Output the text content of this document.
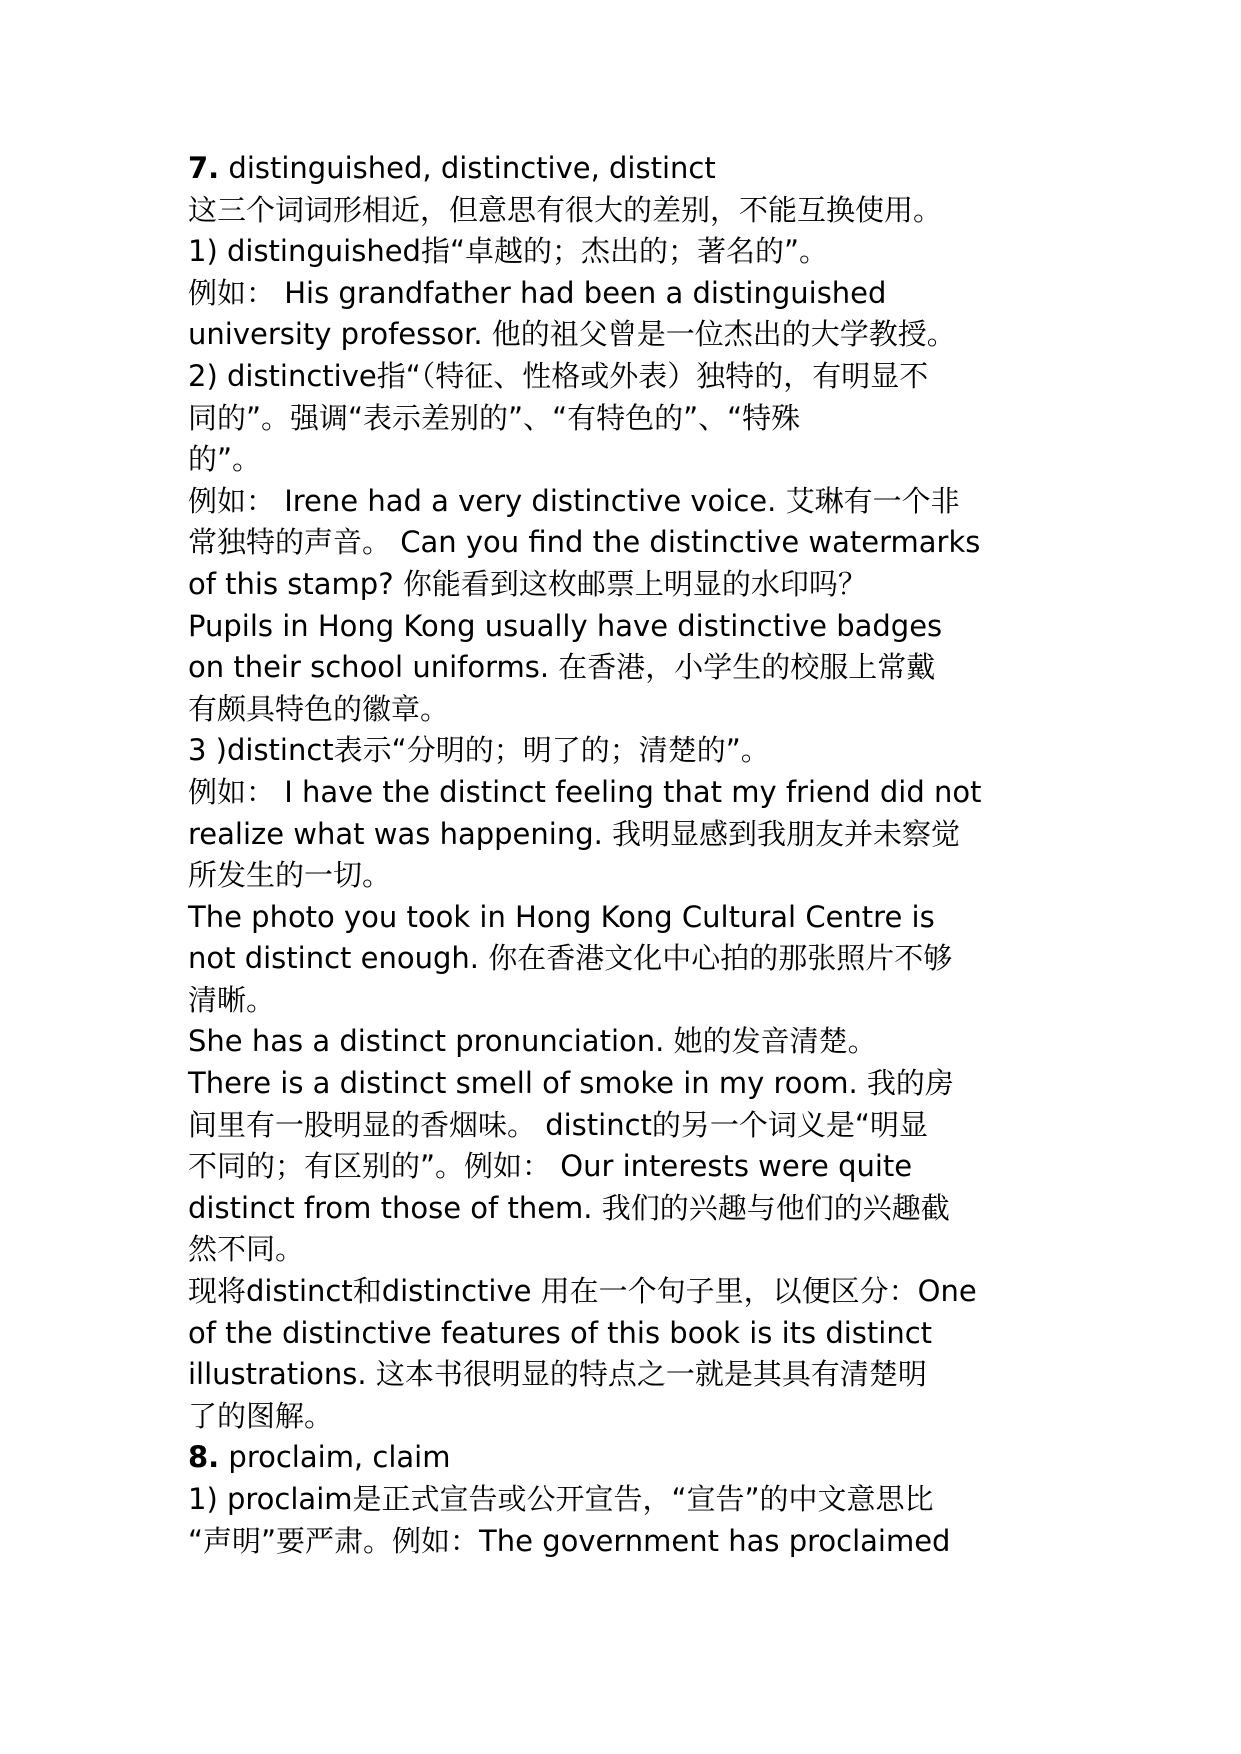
7. distinguished, distinctive, distinct

这三个词词形相近，但意思有很大的差别，不能互换使用。

1) distinguished指“卓越的；杰出的；著名的”。

例如： His grandfather had been a distinguished

university professor. 他的祖父曾是一位杰出的大学教授。

2) distinctive指“（特征、性格或外表）独特的，有明显不

同的”。强调“表示差别的”、“有特色的”、“特殊

的”。

例如： Irene had a very distinctive voice. 艾琳有一个非

常独特的声音。 Can you find the distinctive watermarks

of this stamp? 你能看到这枚邮票上明显的水印吗？

Pupils in Hong Kong usually have distinctive badges

on their school uniforms. 在香港，小学生的校服上常戴

有颇具特色的徽章。

3 )distinct表示“分明的；明了的；清楚的”。

例如： I have the distinct feeling that my friend did not

realize what was happening. 我明显感到我朋友并未察觉

所发生的一切。

The photo you took in Hong Kong Cultural Centre is

not distinct enough. 你在香港文化中心拍的那张照片不够

清晰。

She has a distinct pronunciation. 她的发音清楚。

There is a distinct smell of smoke in my room. 我的房

间里有一股明显的香烟味。 distinct的另一个词义是“明显

不同的；有区别的”。例如： Our interests were quite

distinct from those of them. 我们的兴趣与他们的兴趣截

然不同。

现将distinct和distinctive 用在一个句子里，以便区分：One

of the distinctive features of this book is its distinct

illustrations. 这本书很明显的特点之一就是其具有清楚明

了的图解。

8. proclaim, claim

1) proclaim是正式宣告或公开宣告，“宣告”的中文意思比

“声明”要严肃。例如：The government has proclaimed
